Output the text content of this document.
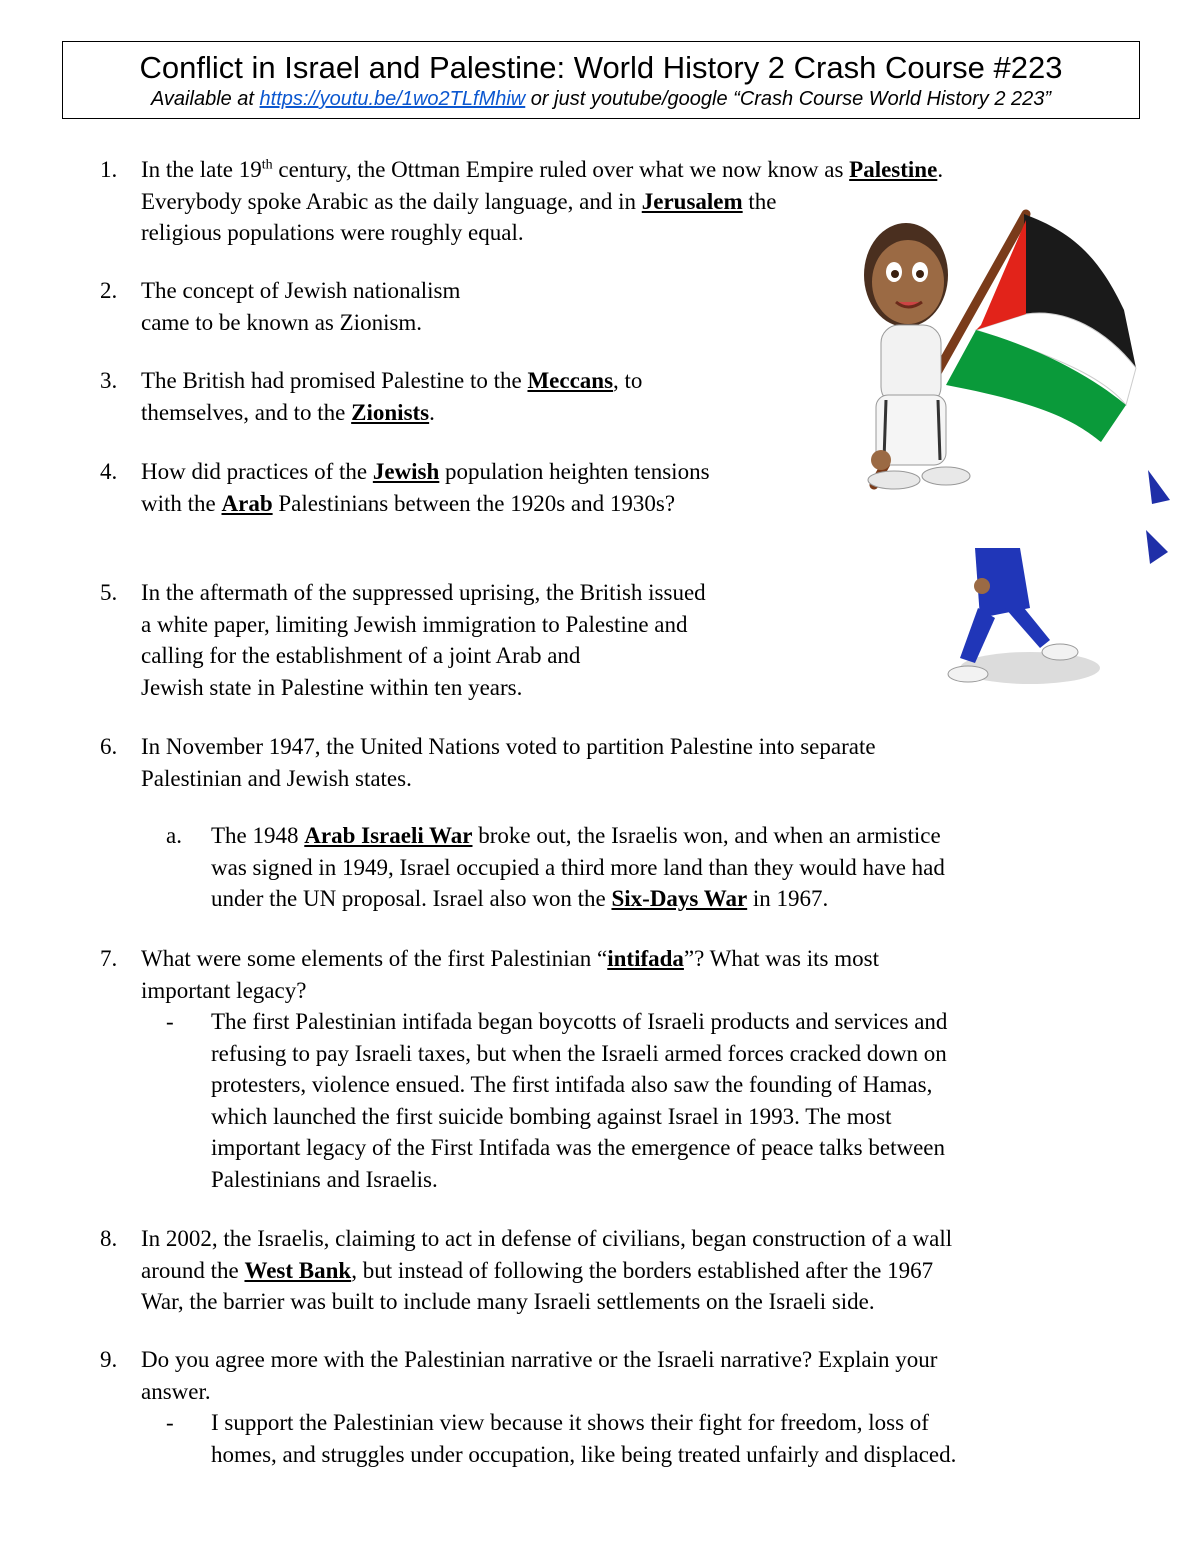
Conflict in Israel and Palestine: World History 2 Crash Course #223
Available at https://youtu.be/1wo2TLfMhiw or just youtube/google “Crash Course World History 2 223”
1.	In the late 19th century, the Ottman Empire ruled over what we now know as Palestine.
Everybody spoke Arabic as the daily language, and in Jerusalem the
religious populations were roughly equal.
2.	The concept of Jewish nationalism
came to be known as Zionism.
3.	The British had promised Palestine to the Meccans, to
themselves, and to the Zionists.
4.	How did practices of the Jewish population heighten tensions
with the Arab Palestinians between the 1920s and 1930s?
5.	In the aftermath of the suppressed uprising, the British issued
a white paper, limiting Jewish immigration to Palestine and
calling for the establishment of a joint Arab and
Jewish state in Palestine within ten years.
6.	In November 1947, the United Nations voted to partition Palestine into separate
Palestinian and Jewish states.
a. The 1948 Arab Israeli War broke out, the Israelis won, and when an armistice
was signed in 1949, Israel occupied a third more land than they would have had
under the UN proposal. Israel also won the Six-Days War in 1967.
7.	What were some elements of the first Palestinian “intifada”? What was its most
important legacy?
- The first Palestinian intifada began boycotts of Israeli products and services and
refusing to pay Israeli taxes, but when the Israeli armed forces cracked down on
protesters, violence ensued. The first intifada also saw the founding of Hamas,
which launched the first suicide bombing against Israel in 1993. The most
important legacy of the First Intifada was the emergence of peace talks between
Palestinians and Israelis.
8.	In 2002, the Israelis, claiming to act in defense of civilians, began construction of a wall
around the West Bank, but instead of following the borders established after the 1967
War, the barrier was built to include many Israeli settlements on the Israeli side.
9.	Do you agree more with the Palestinian narrative or the Israeli narrative? Explain your
answer.
- I support the Palestinian view because it shows their fight for freedom, loss of
homes, and struggles under occupation, like being treated unfairly and displaced.
